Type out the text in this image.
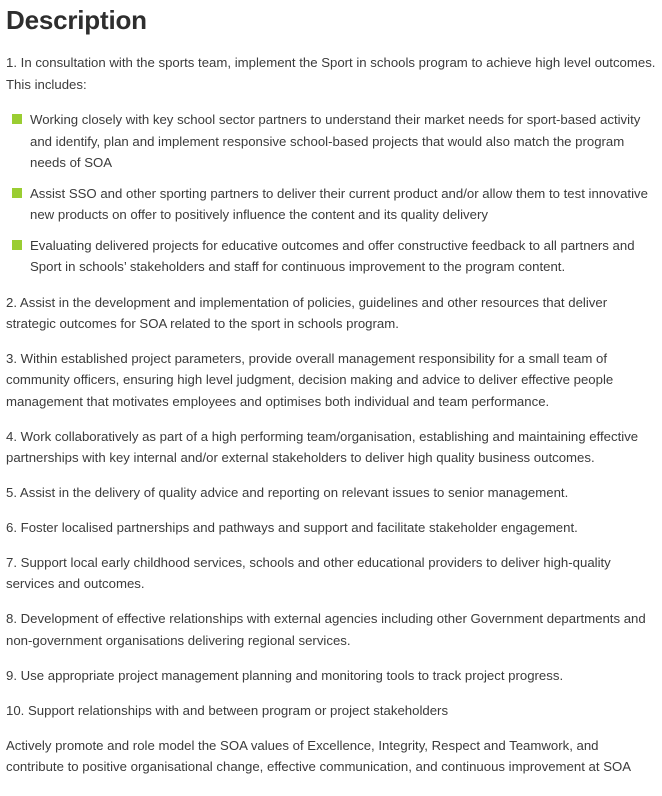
Description

1. In consultation with the sports team, implement the Sport in schools program to achieve high level outcomes. This includes:

Working closely with key school sector partners to understand their market needs for sport-based activity and identify, plan and implement responsive school-based projects that would also match the program needs of SOA
Assist SSO and other sporting partners to deliver their current product and/or allow them to test innovative new products on offer to positively influence the content and its quality delivery
Evaluating delivered projects for educative outcomes and offer constructive feedback to all partners and Sport in schools’ stakeholders and staff for continuous improvement to the program content.

2. Assist in the development and implementation of policies, guidelines and other resources that deliver strategic outcomes for SOA related to the sport in schools program.

3. Within established project parameters, provide overall management responsibility for a small team of community officers, ensuring high level judgment, decision making and advice to deliver effective people management that motivates employees and optimises both individual and team performance.

4. Work collaboratively as part of a high performing team/organisation, establishing and maintaining effective partnerships with key internal and/or external stakeholders to deliver high quality business outcomes.

5. Assist in the delivery of quality advice and reporting on relevant issues to senior management.

6. Foster localised partnerships and pathways and support and facilitate stakeholder engagement.

7. Support local early childhood services, schools and other educational providers to deliver high-quality services and outcomes.

8. Development of effective relationships with external agencies including other Government departments and non-government organisations delivering regional services.

9. Use appropriate project management planning and monitoring tools to track project progress.

10. Support relationships with and between program or project stakeholders

Actively promote and role model the SOA values of Excellence, Integrity, Respect and Teamwork, and contribute to positive organisational change, effective communication, and continuous improvement at SOA
